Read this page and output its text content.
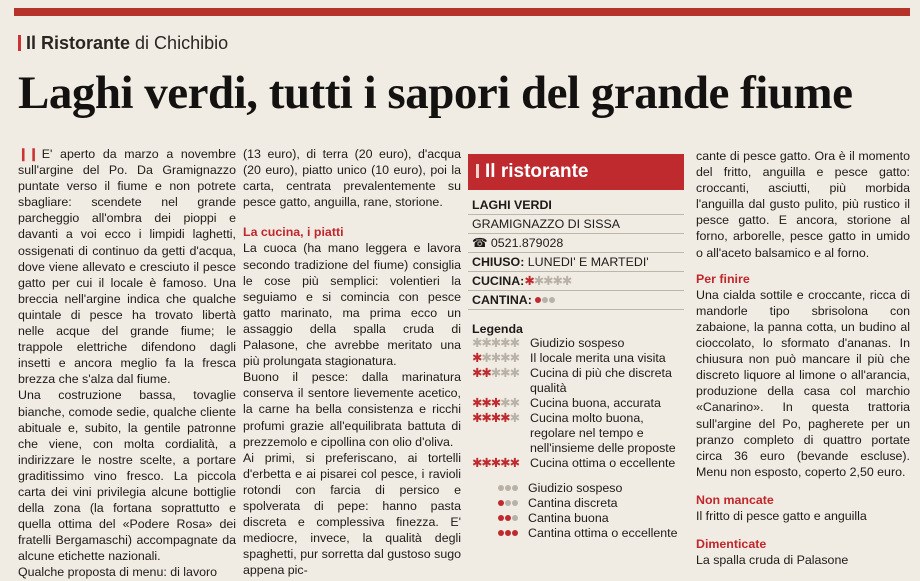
Il Ristorante di Chichibio
Laghi verdi, tutti i sapori del grande fiume

❙❙ E' aperto da marzo a novembre sull'argine del Po. Da Gramignazzo puntate verso il fiume e non potrete sbagliare: scendete nel grande parcheggio all'ombra dei pioppi e davanti a voi ecco i limpidi laghetti, ossigenati di continuo da getti d'acqua, dove viene allevato e cresciuto il pesce gatto per cui il locale è famoso. Una breccia nell'argine indica che qualche quintale di pesce ha trovato libertà nelle acque del grande fiume; le trappole elettriche difendono dagli insetti e ancora meglio fa la fresca brezza che s'alza dal fiume.

Una costruzione bassa, tovaglie bianche, comode sedie, qualche cliente abituale e, subito, la gentile patronne che viene, con molta cordialità, a indirizzare le nostre scelte, a portare graditissimo vino fresco. La piccola carta dei vini privilegia alcune bottiglie della zona (la fortana soprattutto e quella ottima del «Podere Rosa» dei fratelli Bergamaschi) accompagnate da alcune etichette nazionali.

Qualche proposta di menu: di lavoro

(13 euro), di terra (20 euro), d'acqua (20 euro), piatto unico (10 euro), poi la carta, centrata prevalentemente su pesce gatto, anguilla, rane, storione.

La cucina, i piatti

La cuoca (ha mano leggera e lavora secondo tradizione del fiume) consiglia le cose più semplici: volentieri la seguiamo e si comincia con pesce gatto marinato, ma prima ecco un assaggio della spalla cruda di Palasone, che avrebbe meritato una più prolungata stagionatura.

Buono il pesce: dalla marinatura conserva il sentore lievemente acetico, la carne ha bella consistenza e ricchi profumi grazie all'equilibrata battuta di prezzemolo e cipollina con olio d'oliva.

Ai primi, si preferiscano, ai tortelli d'erbetta e ai pisarei col pesce, i ravioli rotondi con farcia di persico e spolverata di pepe: hanno pasta discreta e complessiva finezza. E' mediocre, invece, la qualità degli spaghetti, pur sorretta dal gustoso sugo appena pic-

Il ristorante
LAGHI VERDI
GRAMIGNAZZO DI SISSA
☎ 0521.879028
CHIUSO: LUNEDI' E MARTEDI'
CUCINA:✱✱✱✱✱
CANTINA:
Legenda
✱✱✱✱✱ Giudizio sospeso
✱✱✱✱✱ Il locale merita una visita
✱✱✱✱✱ Cucina di più che discreta qualità
✱✱✱✱✱ Cucina buona, accurata
✱✱✱✱✱ Cucina molto buona, regolare nel tempo e nell'insieme delle proposte
✱✱✱✱✱ Cucina ottima o eccellente
Giudizio sospeso
Cantina discreta
Cantina buona
Cantina ottima o eccellente

cante di pesce gatto. Ora è il momento del fritto, anguilla e pesce gatto: croccanti, asciutti, più morbida l'anguilla dal gusto pulito, più rustico il pesce gatto. E ancora, storione al forno, arborelle, pesce gatto in umido o all'aceto balsamico e al forno.

Per finire

Una cialda sottile e croccante, ricca di mandorle tipo sbrisolona con zabaione, la panna cotta, un budino al cioccolato, lo sformato d'ananas. In chiusura non può mancare il più che discreto liquore al limone o all'arancia, produzione della casa col marchio «Canarino». In questa trattoria sull'argine del Po, pagherete per un pranzo completo di quattro portate circa 36 euro (bevande escluse). Menu non esposto, coperto 2,50 euro.

Non mancate

Il fritto di pesce gatto e anguilla

Dimenticate

La spalla cruda di Palasone
